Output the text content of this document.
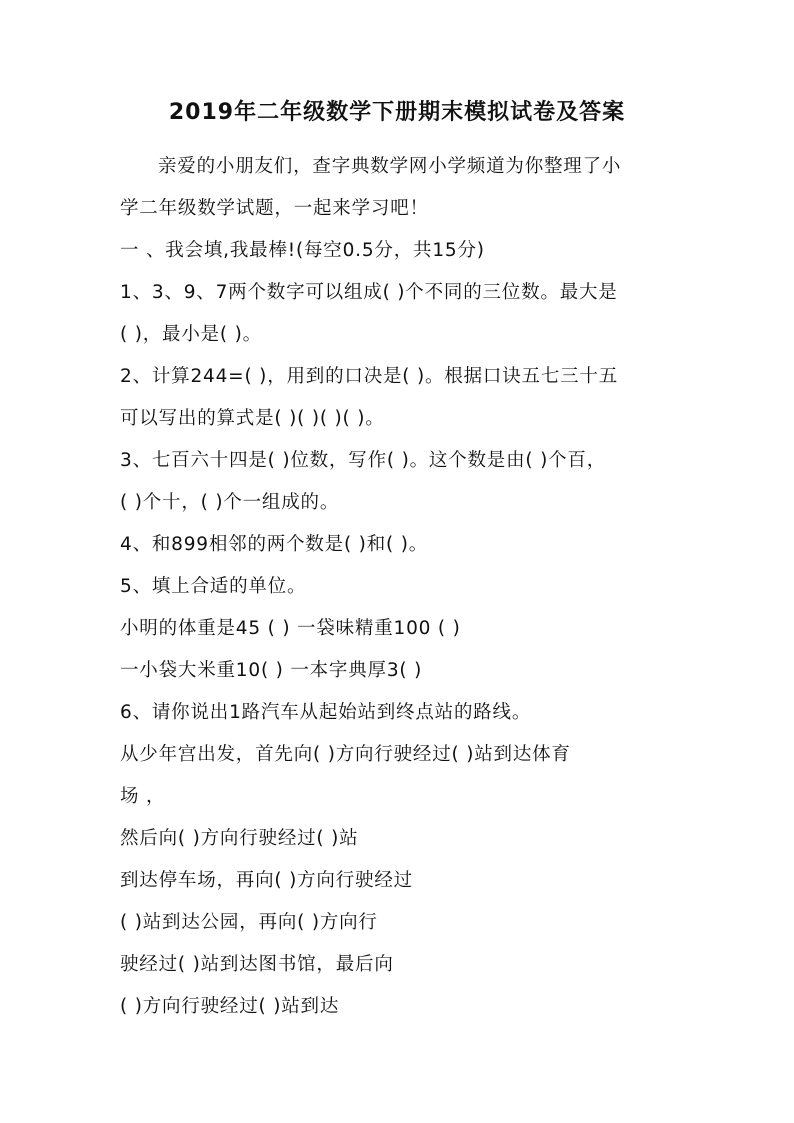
2019年二年级数学下册期末模拟试卷及答案
亲爱的小朋友们，查字典数学网小学频道为你整理了小
学二年级数学试题，一起来学习吧！
一 、我会填,我最棒!(每空0.5分，共15分)
1、3、9、7两个数字可以组成( )个不同的三位数。最大是
( )，最小是( )。
2、计算244=( )，用到的口决是( )。根据口诀五七三十五
可以写出的算式是( )( )( )( )。
3、七百六十四是( )位数，写作( )。这个数是由( )个百，
( )个十，( )个一组成的。
4、和899相邻的两个数是( )和( )。
5、填上合适的单位。
小明的体重是45 ( ) 一袋味精重100 ( )
一小袋大米重10( ) 一本字典厚3( )
6、请你说出1路汽车从起始站到终点站的路线。
从少年宫出发，首先向( )方向行驶经过( )站到达体育
场 ，
然后向( )方向行驶经过( )站
到达停车场，再向( )方向行驶经过
( )站到达公园，再向( )方向行
驶经过( )站到达图书馆，最后向
( )方向行驶经过( )站到达
